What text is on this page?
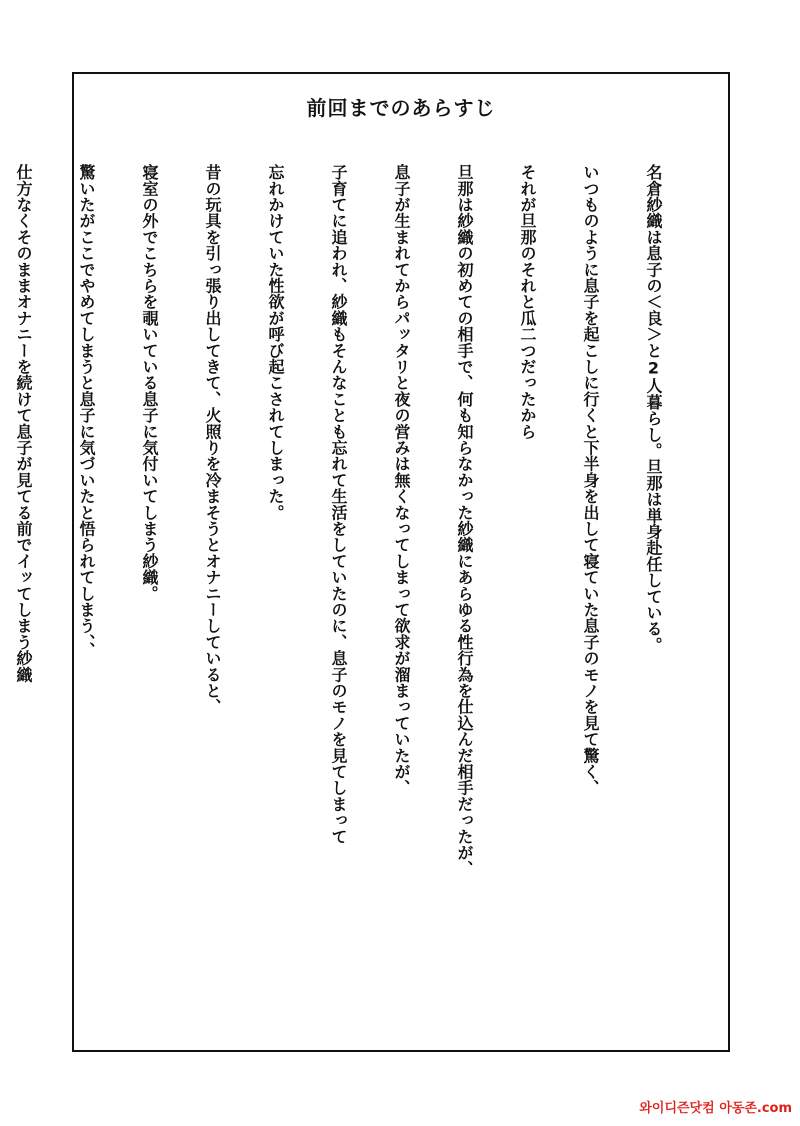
前回までのあらすじ

名倉紗織は息子の＜良＞と2人暮らし。旦那は単身赴任している。

いつものように息子を起こしに行くと下半身を出して寝ていた息子のモノを見て驚く、

それが旦那のそれと瓜二つだったから

旦那は紗織の初めての相手で、何も知らなかった紗織にあらゆる性行為を仕込んだ相手だったが、

息子が生まれてからパッタリと夜の営みは無くなってしまって欲求が溜まっていたが、

子育てに追われ、紗織もそんなことも忘れて生活をしていたのに、息子のモノを見てしまって

忘れかけていた性欲が呼び起こされてしまった。

昔の玩具を引っ張り出してきて、火照りを冷まそうとオナニーしていると、

寝室の外でこちらを覗いている息子に気付いてしまう紗織。

驚いたがここでやめてしまうと息子に気づいたと悟られてしまう、、

仕方なくそのままオナニーを続けて息子が見てる前でイッてしまう紗織

와이디즌닷컴 아동존.com
